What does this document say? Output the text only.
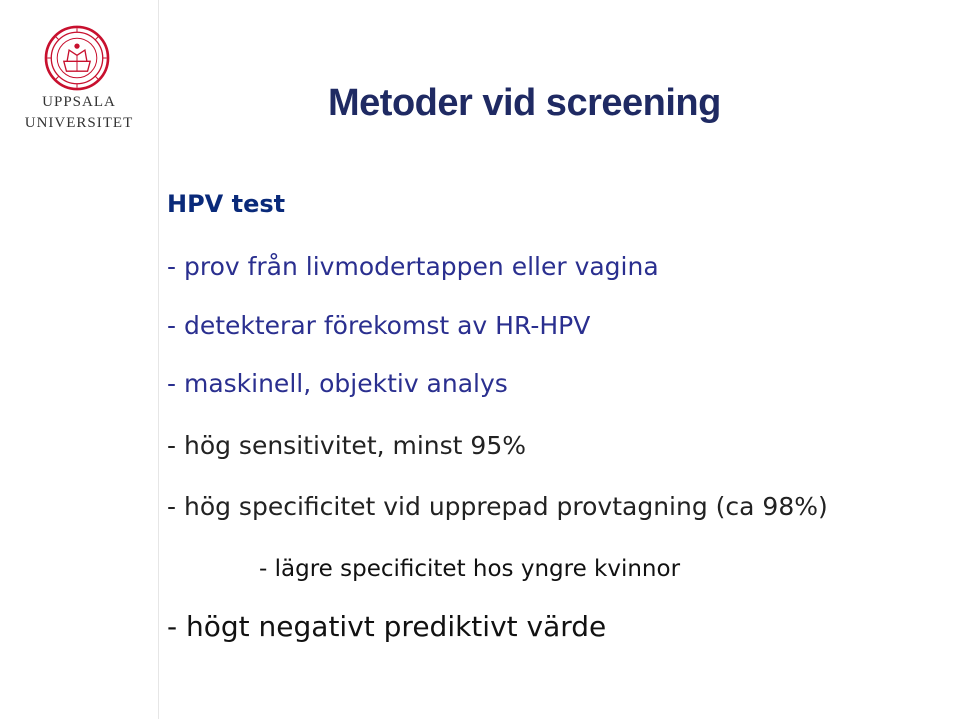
UPPSALA
UNIVERSITET	Metoder vid screening
HPV test
- prov från livmodertappen eller vagina
- detekterar förekomst av HR-HPV
- maskinell, objektiv analys
- hög sensitivitet, minst 95%
- hög specificitet vid upprepad provtagning (ca 98%)
- lägre specificitet hos yngre kvinnor
- högt negativt prediktivt värde
